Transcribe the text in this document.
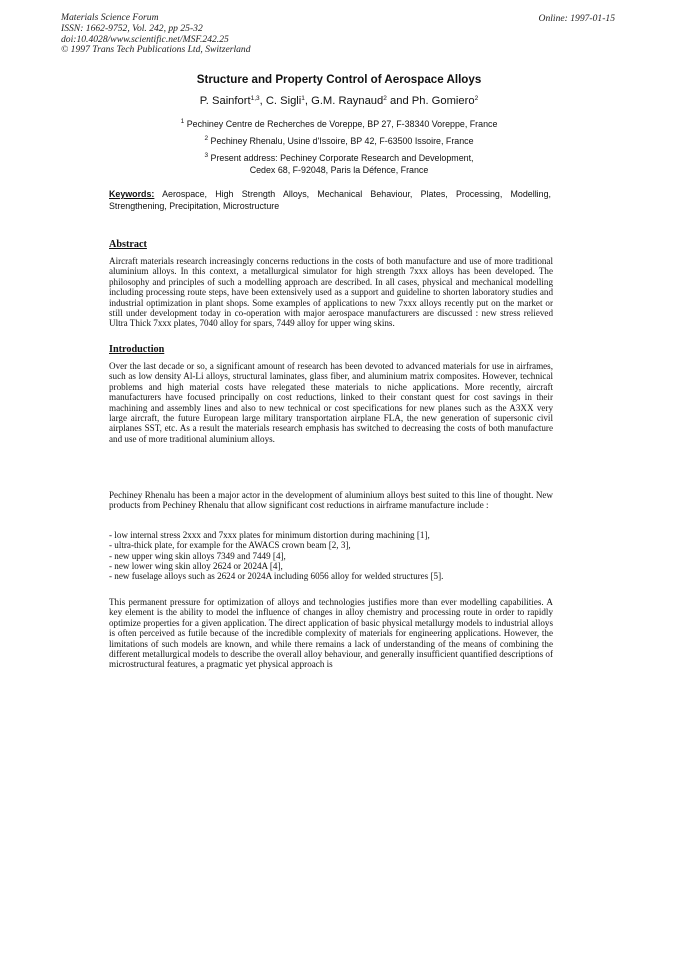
Materials Science Forum
ISSN: 1662-9752, Vol. 242, pp 25-32
doi:10.4028/www.scientific.net/MSF.242.25
© 1997 Trans Tech Publications Ltd, Switzerland
Online: 1997-01-15
Structure and Property Control of Aerospace Alloys
P. Sainfort$^{1,3}$, C. Sigli$^1$, G.M. Raynaud$^2$ and Ph. Gomiero$^2$
$^1$ Pechiney Centre de Recherches de Voreppe, BP 27, F-38340 Voreppe, France
$^2$ Pechiney Rhenalu, Usine d'Issoire, BP 42, F-63500 Issoire, France
$^3$ Present address: Pechiney Corporate Research and Development,
Cedex 68, F-92048, Paris la Défence, France
Keywords: Aerospace, High Strength Alloys, Mechanical Behaviour, Plates, Processing, Modelling, Strengthening, Precipitation, Microstructure
Abstract
Aircraft materials research increasingly concerns reductions in the costs of both manufacture and use of more traditional aluminium alloys. In this context, a metallurgical simulator for high strength 7xxx alloys has been developed. The philosophy and principles of such a modelling approach are described. In all cases, physical and mechanical modelling including processing route steps, have been extensively used as a support and guideline to shorten laboratory studies and industrial optimization in plant shops. Some examples of applications to new 7xxx alloys recently put on the market or still under development today in co-operation with major aerospace manufacturers are discussed : new stress relieved Ultra Thick 7xxx plates, 7040 alloy for spars, 7449 alloy for upper wing skins.
Introduction
Over the last decade or so, a significant amount of research has been devoted to advanced materials for use in airframes, such as low density Al-Li alloys, structural laminates, glass fiber, and aluminium matrix composites. However, technical problems and high material costs have relegated these materials to niche applications. More recently, aircraft manufacturers have focused principally on cost reductions, linked to their constant quest for cost savings in their machining and assembly lines and also to new technical or cost specifications for new planes such as the A3XX very large aircraft, the future European large military transportation airplane FLA, the new generation of supersonic civil airplanes SST, etc. As a result the materials research emphasis has switched to decreasing the costs of both manufacture and use of more traditional aluminium alloys.
Pechiney Rhenalu has been a major actor in the development of aluminium alloys best suited to this line of thought. New products from Pechiney Rhenalu that allow significant cost reductions in airframe manufacture include :
- low internal stress 2xxx and 7xxx plates for minimum distortion during machining [1],
- ultra-thick plate, for example for the AWACS crown beam [2, 3],
- new upper wing skin alloys 7349 and 7449 [4],
- new lower wing skin alloy 2624 or 2024A [4],
- new fuselage alloys such as 2624 or 2024A including 6056 alloy for welded structures [5].
This permanent pressure for optimization of alloys and technologies justifies more than ever modelling capabilities. A key element is the ability to model the influence of changes in alloy chemistry and processing route in order to rapidly optimize properties for a given application. The direct application of basic physical metallurgy models to industrial alloys is often perceived as futile because of the incredible complexity of materials for engineering applications. However, the limitations of such models are known, and while there remains a lack of understanding of the means of combining the different metallurgical models to describe the overall alloy behaviour, and generally insufficient quantified descriptions of microstructural features, a pragmatic yet physical approach is
